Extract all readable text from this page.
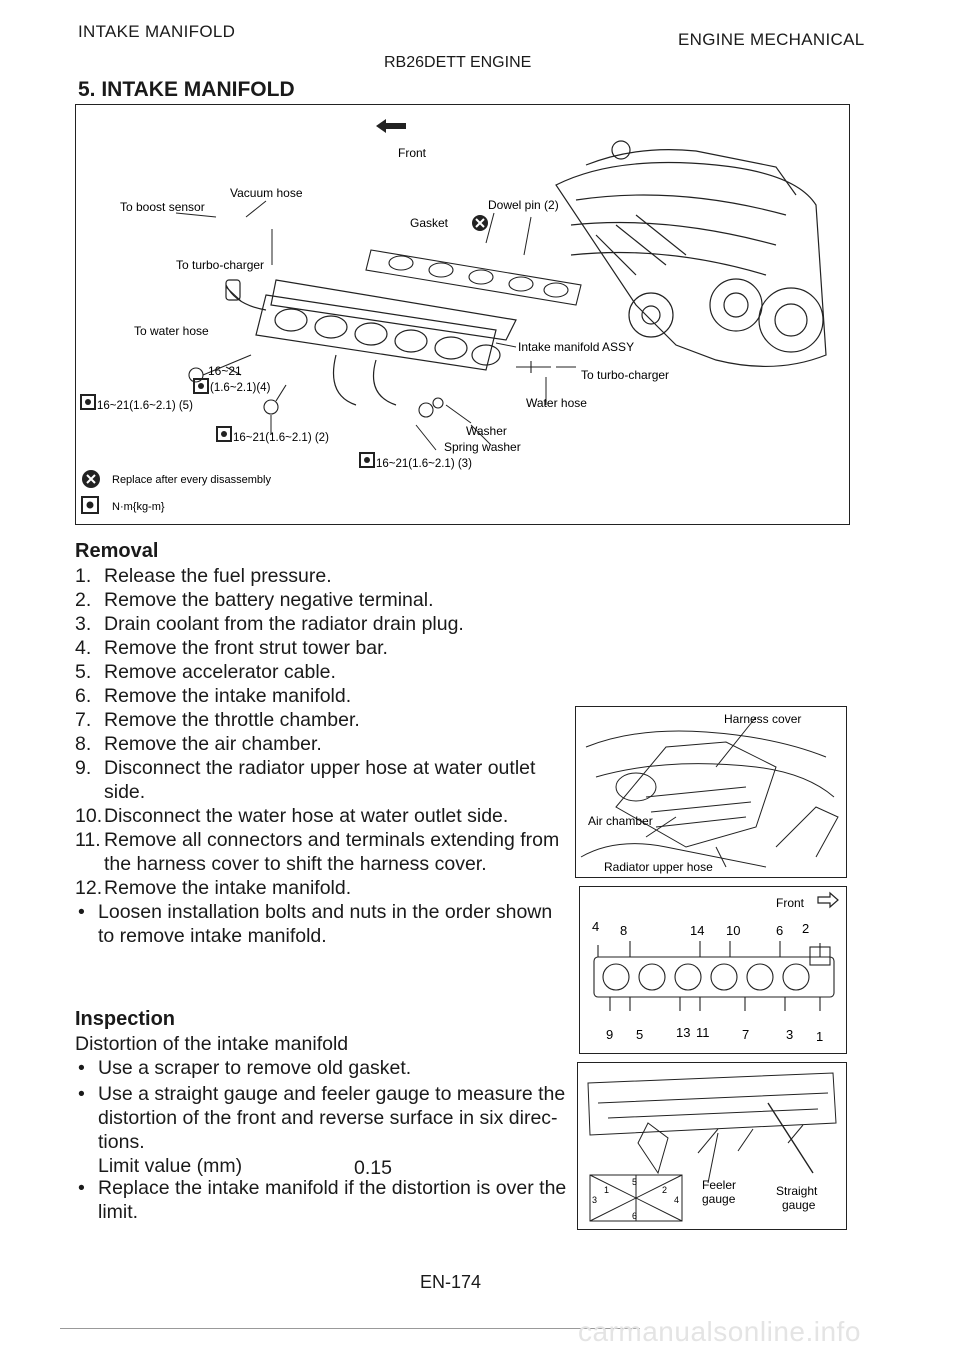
INTAKE MANIFOLD	ENGINE MECHANICAL
RB26DETT ENGINE
5. INTAKE MANIFOLD
Front
Vacuum hose
To boost sensor	Dowel pin (2)
Gasket
To turbo-charger
To water hose
Intake manifold ASSY
16~21
(1.6~2.1)(4)
To turbo-charger
16~21(1.6~2.1) (5)	Water hose
16~21(1.6~2.1) (2)	Washer
Spring washer
16~21(1.6~2.1) (3)
Replace after every disassembly
N·m{kg-m}
Removal
1. Release the fuel pressure.
2. Remove the battery negative terminal.
3. Drain coolant from the radiator drain plug.
4. Remove the front strut tower bar.
5. Remove accelerator cable.
6. Remove the intake manifold.
7. Remove the throttle chamber.
8. Remove the air chamber.
9. Disconnect the radiator upper hose at water outlet
side.
10. Disconnect the water hose at water outlet side.
11. Remove all connectors and terminals extending from
the harness cover to shift the harness cover.
12. Remove the intake manifold.
• Loosen installation bolts and nuts in the order shown
to remove intake manifold.
Inspection
Distortion of the intake manifold
• Use a scraper to remove old gasket.
• Use a straight gauge and feeler gauge to measure the
distortion of the front and reverse surface in six direc-
tions.
Limit value (mm)	0.15
• Replace the intake manifold if the distortion is over the
limit.
Harness cover
Air chamber
Radiator upper hose
Front
4 8	14 10	6 2
9 5	13 11	7	3 1
5
1	2
3	4
6
Feeler
gauge
Straight
gauge
EN-174
carmanualsonline.info
